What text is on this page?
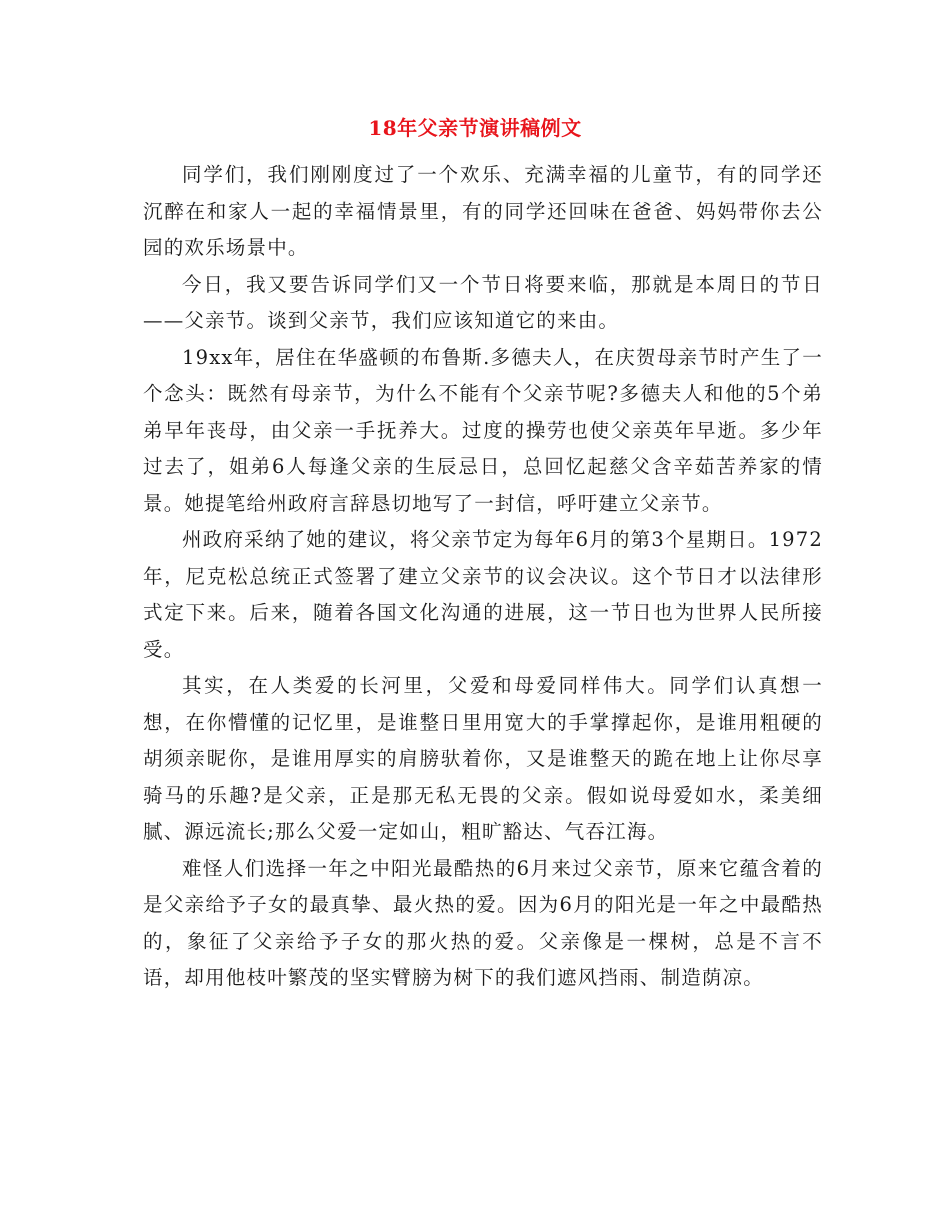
18年父亲节演讲稿例文

同学们，我们刚刚度过了一个欢乐、充满幸福的儿童节，有的同学还沉醉在和家人一起的幸福情景里，有的同学还回味在爸爸、妈妈带你去公园的欢乐场景中。

今日，我又要告诉同学们又一个节日将要来临，那就是本周日的节日——父亲节。谈到父亲节，我们应该知道它的来由。

19xx年，居住在华盛顿的布鲁斯.多德夫人，在庆贺母亲节时产生了一个念头：既然有母亲节，为什么不能有个父亲节呢?多德夫人和他的5个弟弟早年丧母，由父亲一手抚养大。过度的操劳也使父亲英年早逝。多少年过去了，姐弟6人每逢父亲的生辰忌日，总回忆起慈父含辛茹苦养家的情景。她提笔给州政府言辞恳切地写了一封信，呼吁建立父亲节。

州政府采纳了她的建议，将父亲节定为每年6月的第3个星期日。1972年，尼克松总统正式签署了建立父亲节的议会决议。这个节日才以法律形式定下来。后来，随着各国文化沟通的进展，这一节日也为世界人民所接受。

其实，在人类爱的长河里，父爱和母爱同样伟大。同学们认真想一想，在你懵懂的记忆里，是谁整日里用宽大的手掌撑起你，是谁用粗硬的胡须亲昵你，是谁用厚实的肩膀驮着你，又是谁整天的跪在地上让你尽享骑马的乐趣?是父亲，正是那无私无畏的父亲。假如说母爱如水，柔美细腻、源远流长;那么父爱一定如山，粗旷豁达、气吞江海。

难怪人们选择一年之中阳光最酷热的6月来过父亲节，原来它蕴含着的是父亲给予子女的最真挚、最火热的爱。因为6月的阳光是一年之中最酷热的，象征了父亲给予子女的那火热的爱。父亲像是一棵树，总是不言不语，却用他枝叶繁茂的坚实臂膀为树下的我们遮风挡雨、制造荫凉。
